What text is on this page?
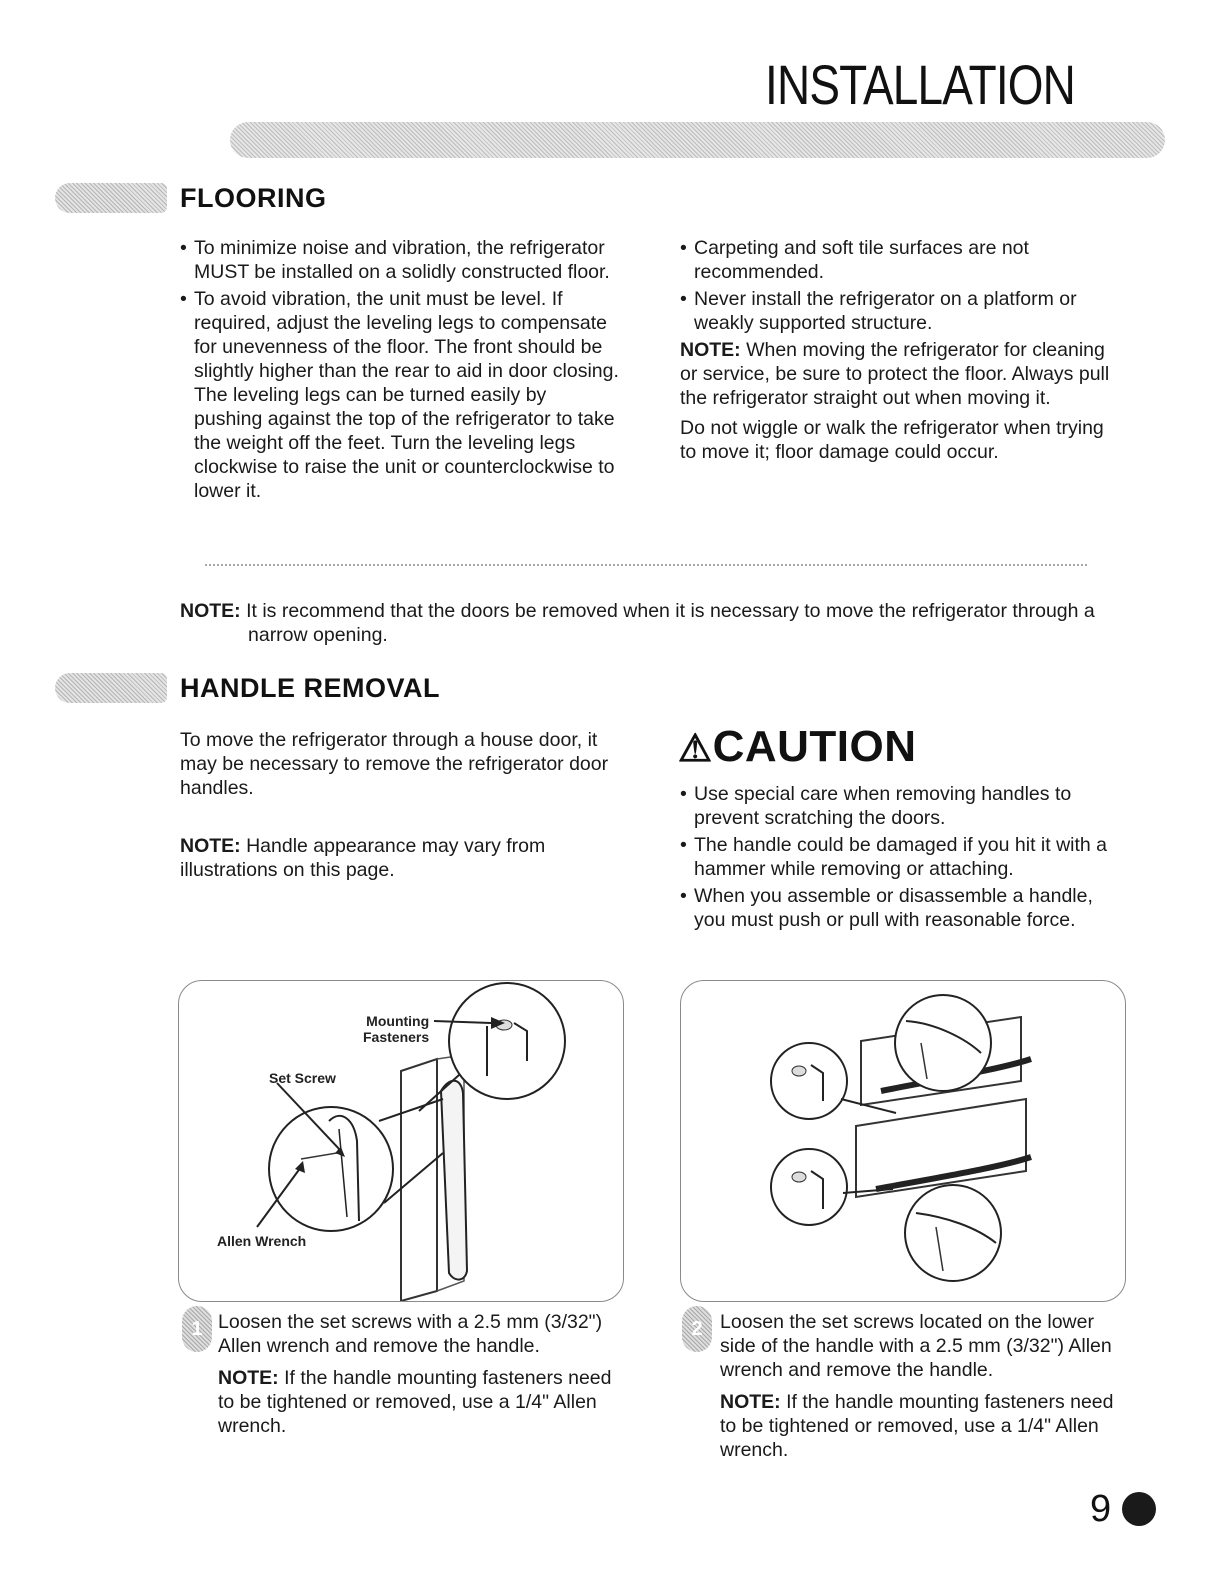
INSTALLATION
FLOORING
• To minimize noise and vibration, the refrigerator MUST be installed on a solidly constructed floor.
• To avoid vibration, the unit must be level. If required, adjust the leveling legs to compensate for unevenness of the floor. The front should be slightly higher than the rear to aid in door closing. The leveling legs can be turned easily by pushing against the top of the refrigerator to take the weight off the feet. Turn the leveling legs clockwise to raise the unit or counterclockwise to lower it.
• Carpeting and soft tile surfaces are not recommended.
• Never install the refrigerator on a platform or weakly supported structure.

NOTE: When moving the refrigerator for cleaning or service, be sure to protect the floor. Always pull the refrigerator straight out when moving it.

Do not wiggle or walk the refrigerator when trying to move it; floor damage could occur.

NOTE: It is recommend that the doors be removed when it is necessary to move the refrigerator through a
narrow opening.
HANDLE REMOVAL

To move the refrigerator through a house door, it may be necessary to remove the refrigerator door handles.

NOTE: Handle appearance may vary from illustrations on this page.

⚠CAUTION
• Use special care when removing handles to prevent scratching the doors.
• The handle could be damaged if you hit it with a hammer while removing or attaching.
• When you assemble or disassemble a handle, you must push or pull with reasonable force.
Mounting
Fasteners
Set Screw
Allen Wrench
1 Loosen the set screws with a 2.5 mm (3/32") Allen wrench and remove the handle.

NOTE: If the handle mounting fasteners need to be tightened or removed, use a 1/4" Allen wrench.

2 Loosen the set screws located on the lower side of the handle with a 2.5 mm (3/32") Allen wrench and remove the handle.

NOTE: If the handle mounting fasteners need to be tightened or removed, use a 1/4" Allen wrench.

9
